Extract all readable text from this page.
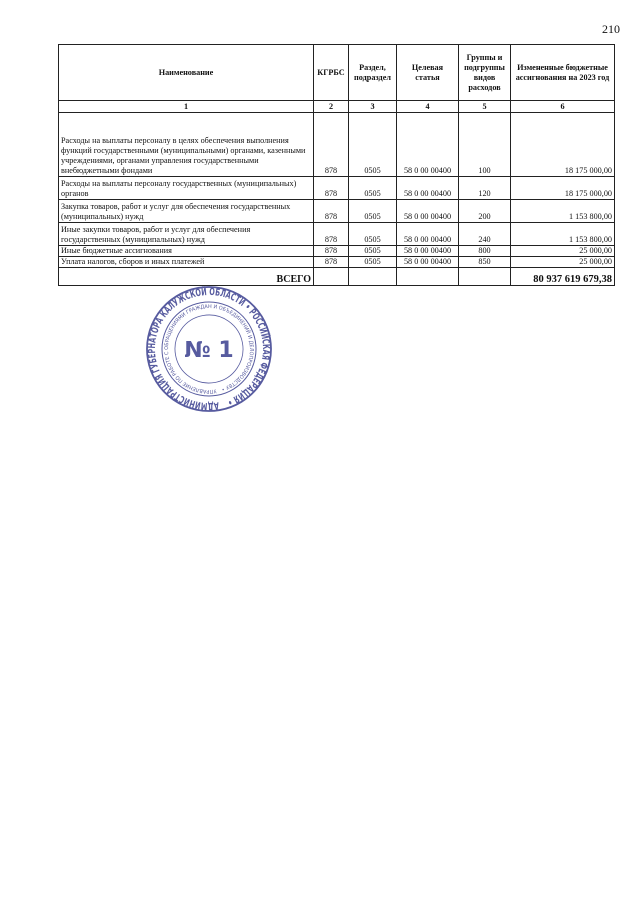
210
Наименование	КГРБС	Раздел, подраздел	Целевая статья	Группы и подгруппы видов расходов	Измененные бюджетные ассигнования на 2023 год
1	2	3	4	5	6
Расходы на выплаты персоналу в целях обеспечения выполнения функций государственными (муниципальными) органами, казенными учреждениями, органами управления государственными внебюджетными фондами	878	0505	58 0 00 00400	100	18 175 000,00
Расходы на выплаты персоналу государственных (муниципальных) органов	878	0505	58 0 00 00400	120	18 175 000,00
Закупка товаров, работ и услуг для обеспечения государственных (муниципальных) нужд	878	0505	58 0 00 00400	200	1 153 800,00
Иные закупки товаров, работ и услуг для обеспечения государственных (муниципальных) нужд	878	0505	58 0 00 00400	240	1 153 800,00
Иные бюджетные ассигнования	878	0505	58 0 00 00400	800	25 000,00
Уплата налогов, сборов и иных платежей	878	0505	58 0 00 00400	850	25 000,00
ВСЕГО					80 937 619 679,38
АДМИНИСТРАЦИЯ ГУБЕРНАТОРА КАЛУЖСКОЙ ОБЛАСТИ • РОССИЙСКАЯ ФЕДЕРАЦИЯ •
УПРАВЛЕНИЕ ПО РАБОТЕ С ОБРАЩЕНИЯМИ ГРАЖДАН И ОБЪЕДИНЕНИЙ И ДЕЛОПРОИЗВОДСТВУ •
№ 1
